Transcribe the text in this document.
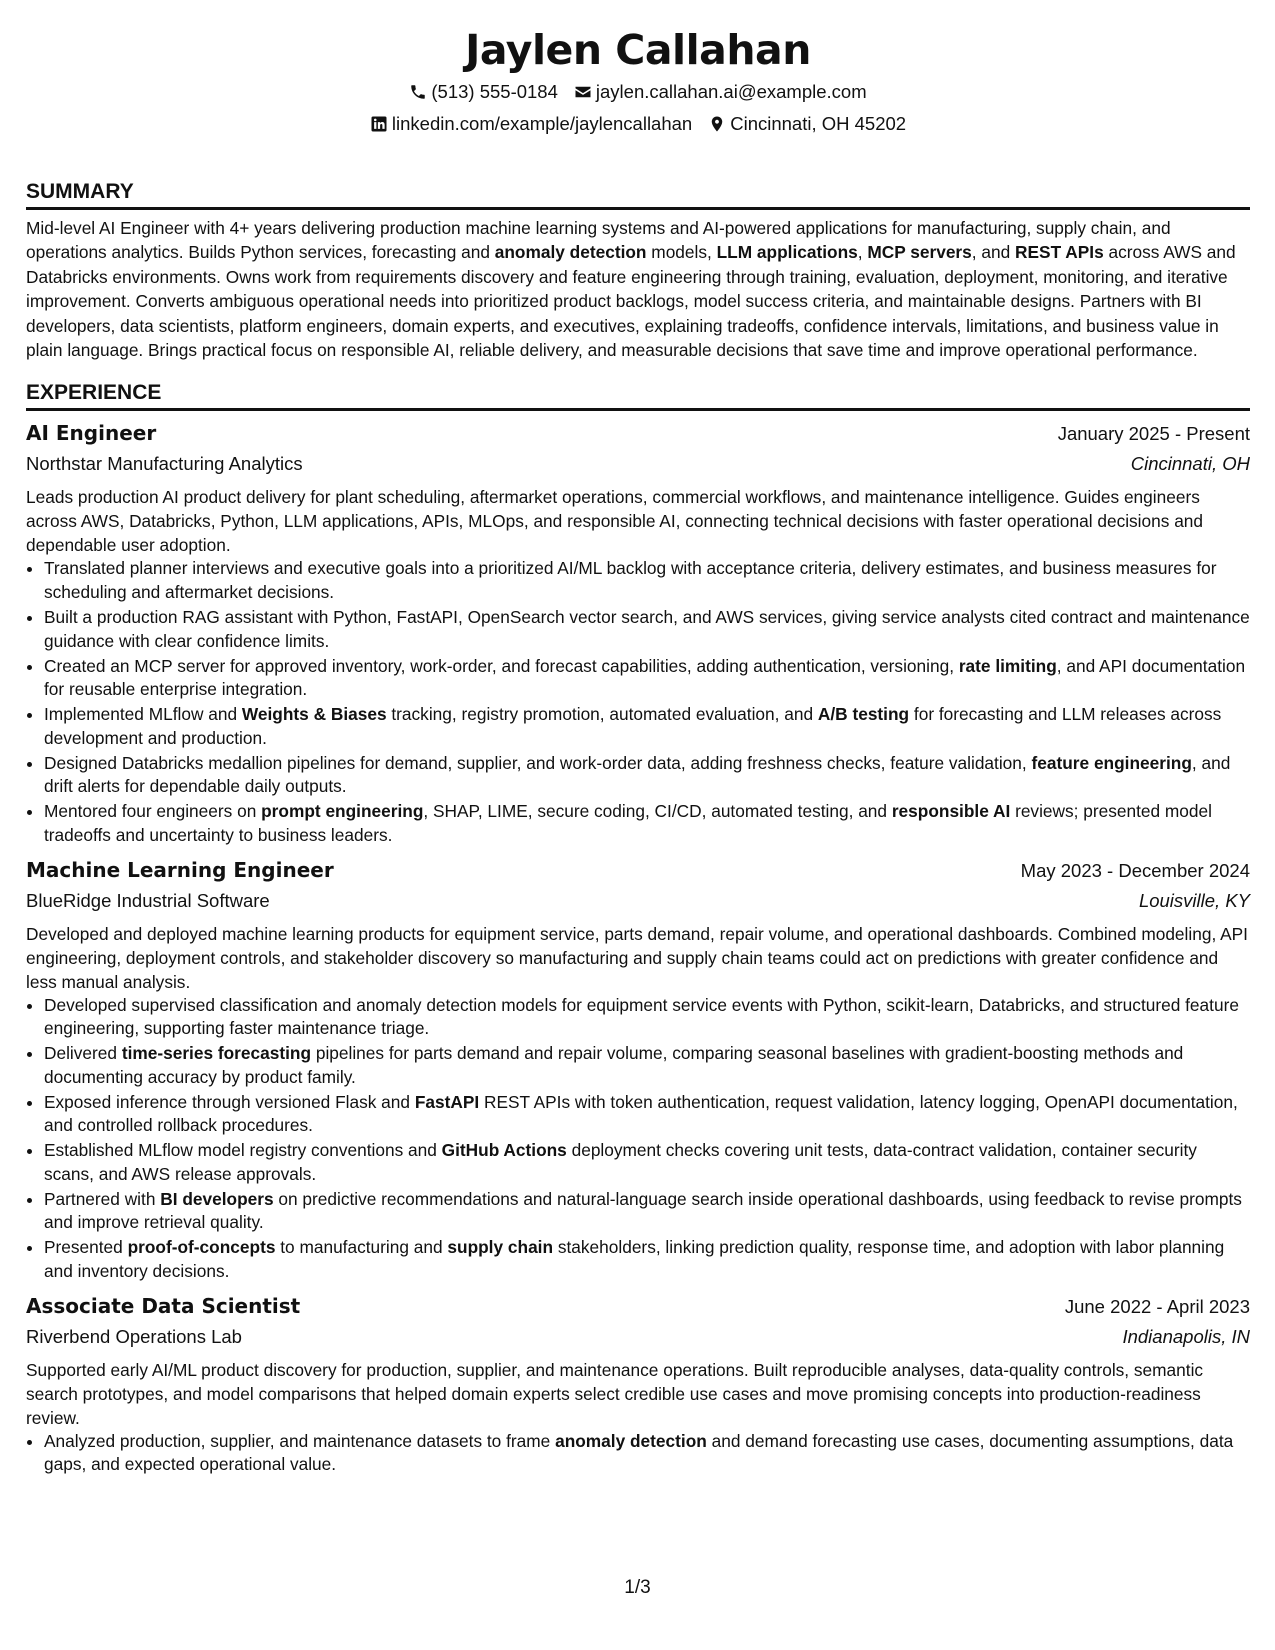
Jaylen Callahan
(513) 555-0184 jaylen.callahan.ai@example.com
linkedin.com/example/jaylencallahan Cincinnati, OH 45202
SUMMARY

Mid-level AI Engineer with 4+ years delivering production machine learning systems and AI-powered applications for manufacturing, supply chain, and operations analytics. Builds Python services, forecasting and anomaly detection models, LLM applications, MCP servers, and REST APIs across AWS and Databricks environments. Owns work from requirements discovery and feature engineering through training, evaluation, deployment, monitoring, and iterative improvement. Converts ambiguous operational needs into prioritized product backlogs, model success criteria, and maintainable designs. Partners with BI developers, data scientists, platform engineers, domain experts, and executives, explaining tradeoffs, confidence intervals, limitations, and business value in plain language. Brings practical focus on responsible AI, reliable delivery, and measurable decisions that save time and improve operational performance.

EXPERIENCE
AI Engineer	January 2025 - Present
Northstar Manufacturing Analytics	Cincinnati, OH

Leads production AI product delivery for plant scheduling, aftermarket operations, commercial workflows, and maintenance intelligence. Guides engineers across AWS, Databricks, Python, LLM applications, APIs, MLOps, and responsible AI, connecting technical decisions with faster operational decisions and dependable user adoption.

• Translated planner interviews and executive goals into a prioritized AI/ML backlog with acceptance criteria, delivery estimates, and business measures for scheduling and aftermarket decisions.
• Built a production RAG assistant with Python, FastAPI, OpenSearch vector search, and AWS services, giving service analysts cited contract and maintenance guidance with clear confidence limits.
• Created an MCP server for approved inventory, work-order, and forecast capabilities, adding authentication, versioning, rate limiting, and API documentation for reusable enterprise integration.
• Implemented MLflow and Weights & Biases tracking, registry promotion, automated evaluation, and A/B testing for forecasting and LLM releases across development and production.
• Designed Databricks medallion pipelines for demand, supplier, and work-order data, adding freshness checks, feature validation, feature engineering, and drift alerts for dependable daily outputs.
• Mentored four engineers on prompt engineering, SHAP, LIME, secure coding, CI/CD, automated testing, and responsible AI reviews; presented model tradeoffs and uncertainty to business leaders.
Machine Learning Engineer	May 2023 - December 2024
BlueRidge Industrial Software	Louisville, KY

Developed and deployed machine learning products for equipment service, parts demand, repair volume, and operational dashboards. Combined modeling, API engineering, deployment controls, and stakeholder discovery so manufacturing and supply chain teams could act on predictions with greater confidence and less manual analysis.

• Developed supervised classification and anomaly detection models for equipment service events with Python, scikit-learn, Databricks, and structured feature engineering, supporting faster maintenance triage.
• Delivered time-series forecasting pipelines for parts demand and repair volume, comparing seasonal baselines with gradient-boosting methods and documenting accuracy by product family.
• Exposed inference through versioned Flask and FastAPI REST APIs with token authentication, request validation, latency logging, OpenAPI documentation, and controlled rollback procedures.
• Established MLflow model registry conventions and GitHub Actions deployment checks covering unit tests, data-contract validation, container security scans, and AWS release approvals.
• Partnered with BI developers on predictive recommendations and natural-language search inside operational dashboards, using feedback to revise prompts and improve retrieval quality.
• Presented proof-of-concepts to manufacturing and supply chain stakeholders, linking prediction quality, response time, and adoption with labor planning and inventory decisions.
Associate Data Scientist	June 2022 - April 2023
Riverbend Operations Lab	Indianapolis, IN

Supported early AI/ML product discovery for production, supplier, and maintenance operations. Built reproducible analyses, data-quality controls, semantic search prototypes, and model comparisons that helped domain experts select credible use cases and move promising concepts into production-readiness review.

• Analyzed production, supplier, and maintenance datasets to frame anomaly detection and demand forecasting use cases, documenting assumptions, data gaps, and expected operational value.
1/3
